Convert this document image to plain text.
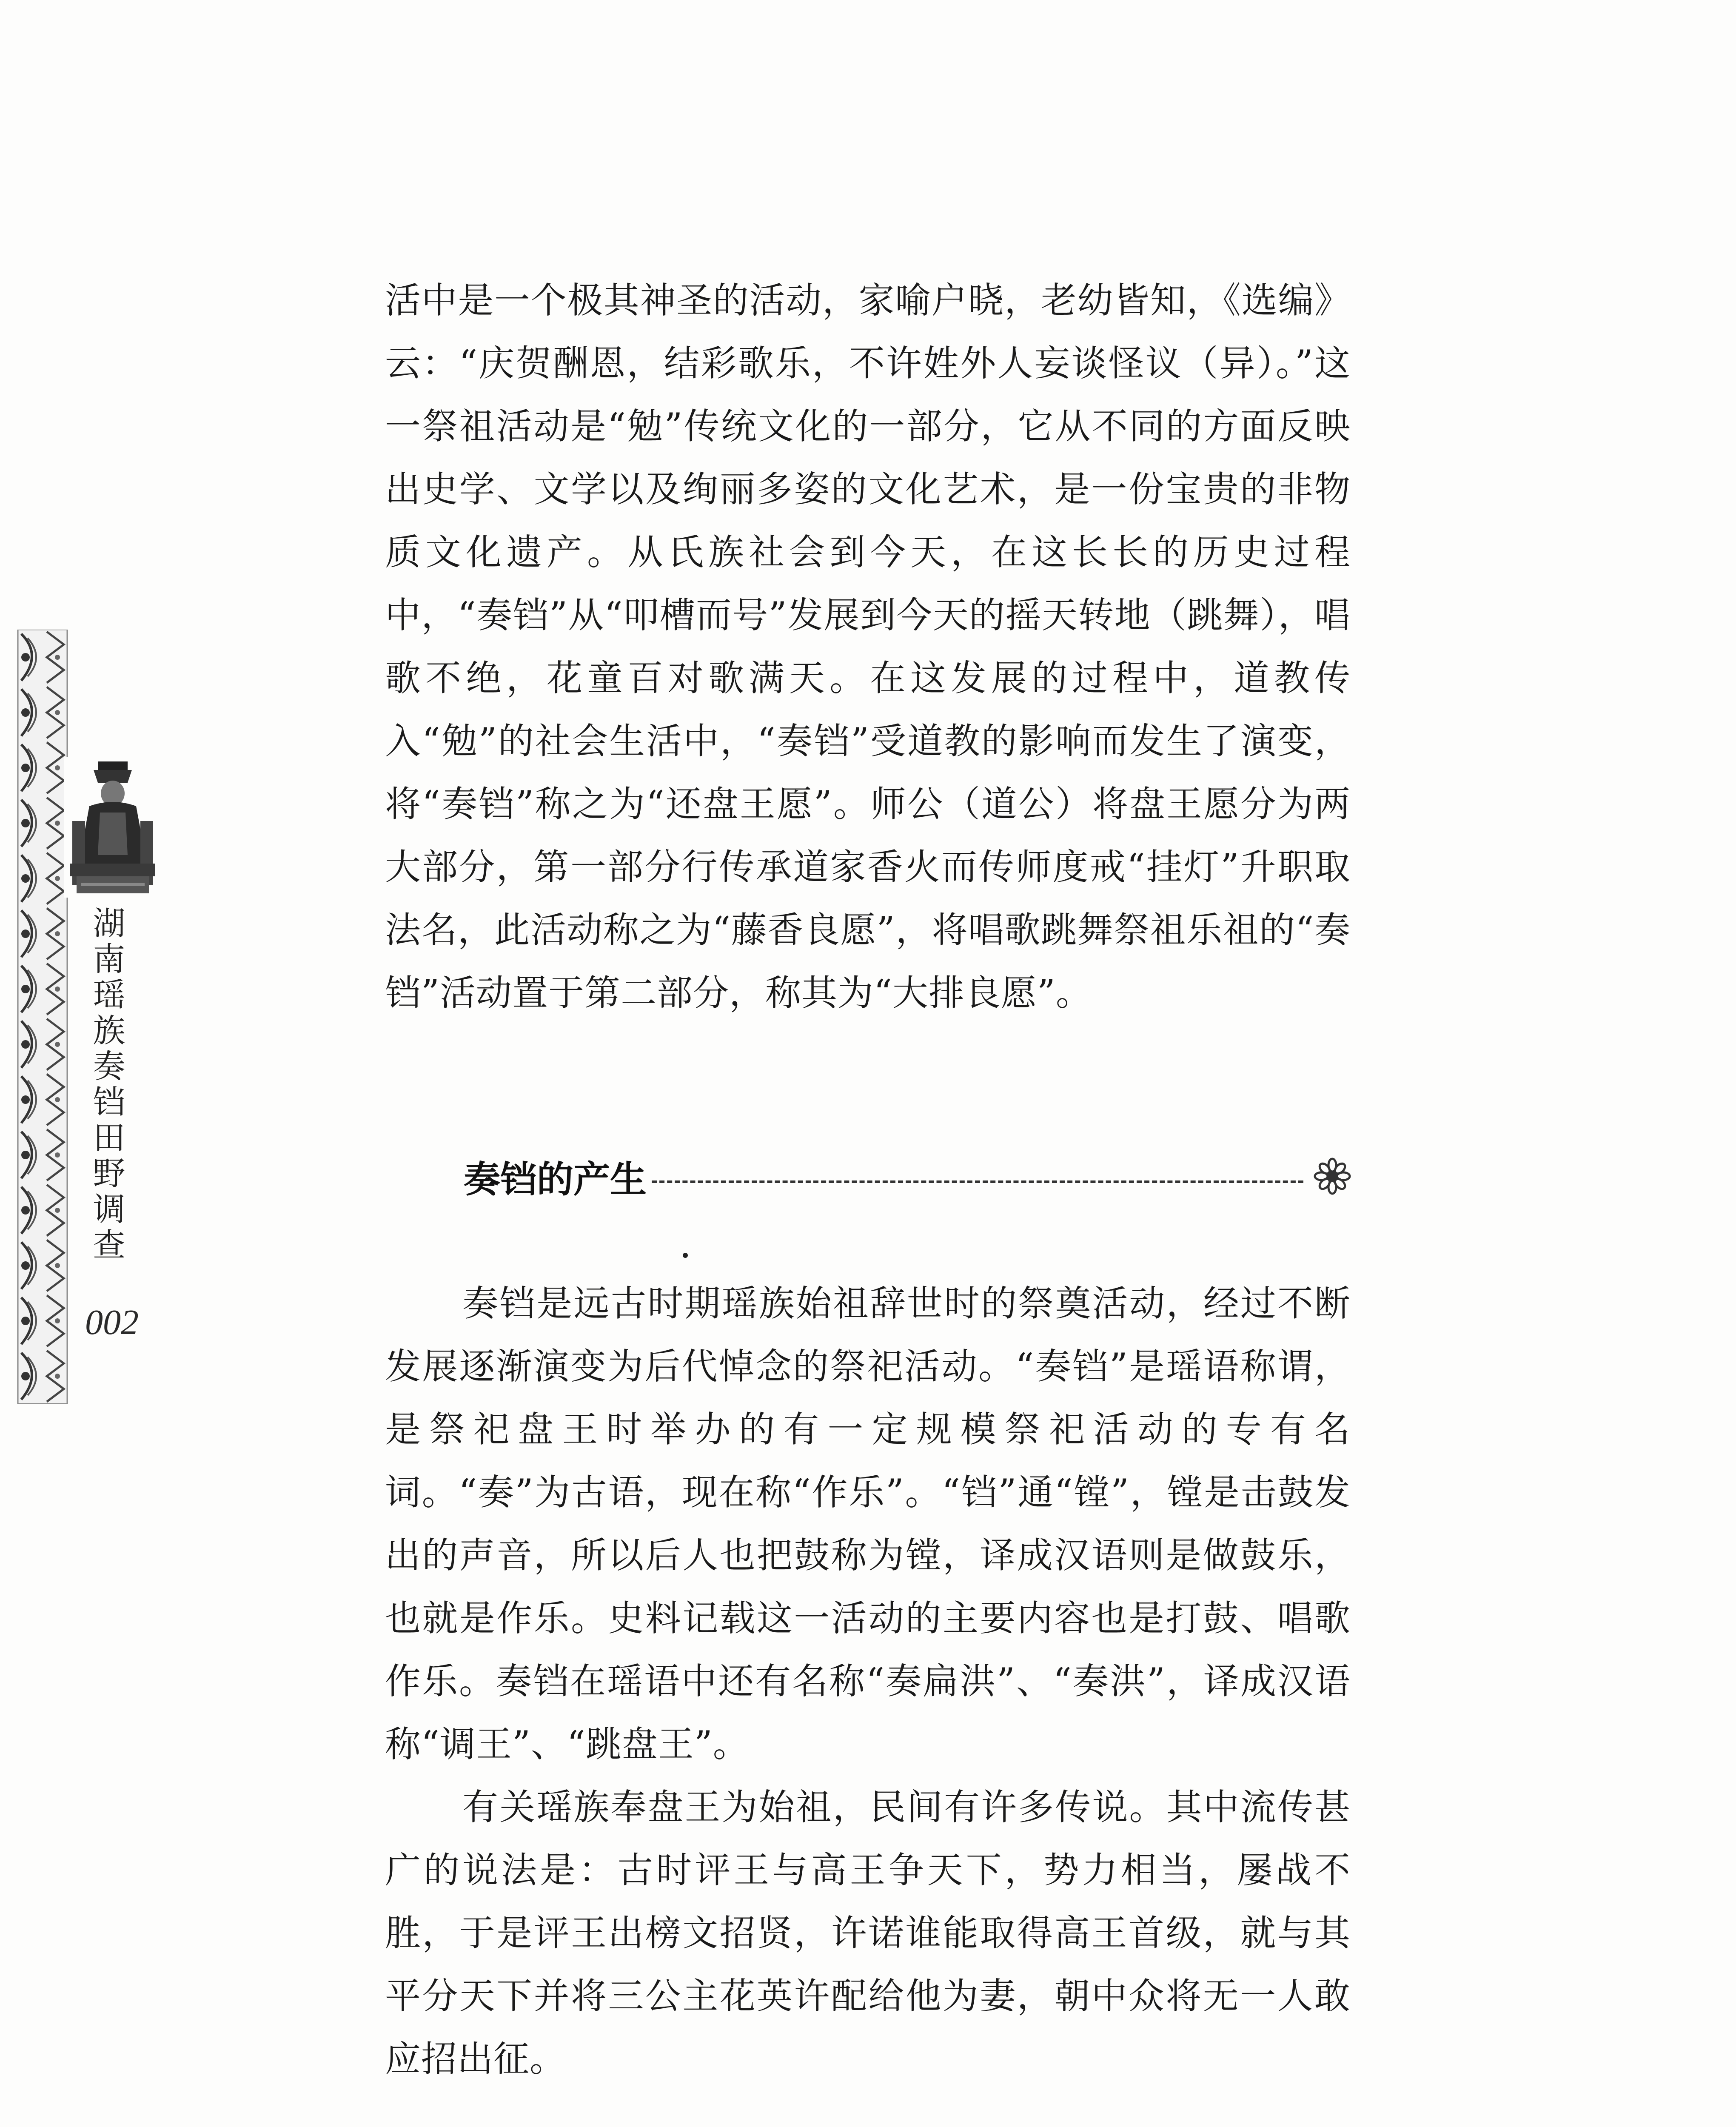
湖南瑶族奏铛田野调查
002

活中是一个极其神圣的活动，家喻户晓，老幼皆知，《选编》云：“庆贺酬恩，结彩歌乐，不许姓外人妄谈怪议（异）。”这一祭祖活动是“勉”传统文化的一部分，它从不同的方面反映出史学、文学以及绚丽多姿的文化艺术，是一份宝贵的非物质文化遗产。从氏族社会到今天，在这长长的历史过程中，“奏铛”从“叩槽而号”发展到今天的摇天转地（跳舞），唱歌不绝，花童百对歌满天。在这发展的过程中，道教传入“勉”的社会生活中，“奏铛”受道教的影响而发生了演变，将“奏铛”称之为“还盘王愿”。师公（道公）将盘王愿分为两大部分，第一部分行传承道家香火而传师度戒“挂灯”升职取法名，此活动称之为“藤香良愿”，将唱歌跳舞祭祖乐祖的“奏铛”活动置于第二部分，称其为“大排良愿”。

奏铛的产生

奏铛是远古时期瑶族始祖辞世时的祭奠活动，经过不断发展逐渐演变为后代悼念的祭祀活动。“奏铛”是瑶语称谓，是祭祀盘王时举办的有一定规模祭祀活动的专有名词。“奏”为古语，现在称“作乐”。“铛”通“镗”，镗是击鼓发出的声音，所以后人也把鼓称为镗，译成汉语则是做鼓乐，也就是作乐。史料记载这一活动的主要内容也是打鼓、唱歌作乐。奏铛在瑶语中还有名称“奏扁洪”、“奏洪”，译成汉语称“调王”、“跳盘王”。

有关瑶族奉盘王为始祖，民间有许多传说。其中流传甚广的说法是：古时评王与高王争天下，势力相当，屡战不胜，于是评王出榜文招贤，许诺谁能取得高王首级，就与其平分天下并将三公主花英许配给他为妻，朝中众将无一人敢应招出征。
